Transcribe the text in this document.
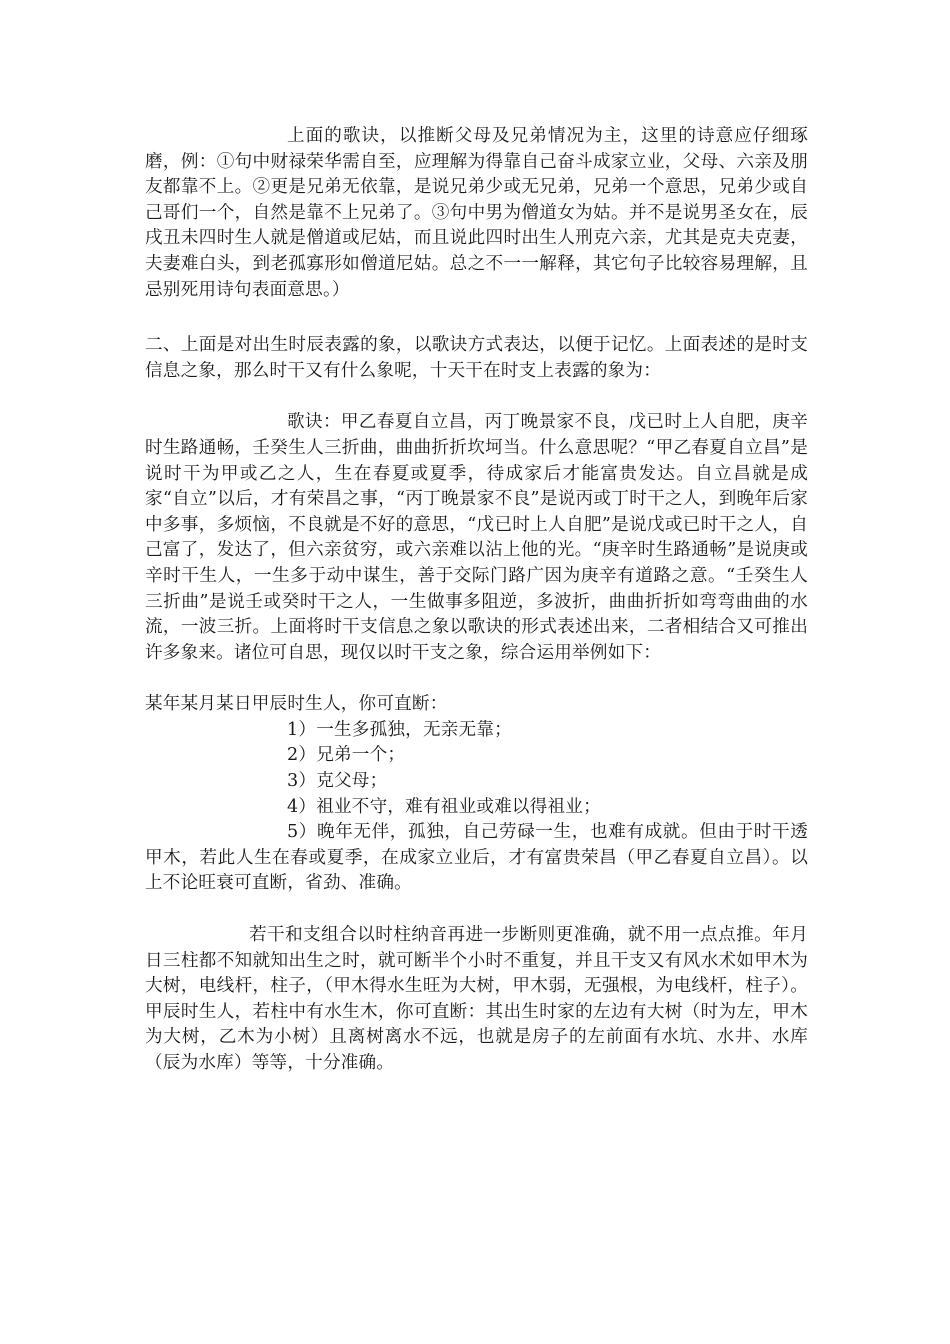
上面的歌诀，以推断父母及兄弟情况为主，这里的诗意应仔细琢磨，例：①句中财禄荣华需自至，应理解为得靠自己奋斗成家立业，父母、六亲及朋友都靠不上。②更是兄弟无依靠，是说兄弟少或无兄弟，兄弟一个意思，兄弟少或自己哥们一个，自然是靠不上兄弟了。③句中男为僧道女为姑。并不是说男圣女在，辰戌丑未四时生人就是僧道或尼姑，而且说此四时出生人刑克六亲，尤其是克夫克妻，夫妻难白头，到老孤寡形如僧道尼姑。总之不一一解释，其它句子比较容易理解，且忌别死用诗句表面意思。）

二、上面是对出生时辰表露的象，以歌诀方式表达，以便于记忆。上面表述的是时支信息之象，那么时干又有什么象呢，十天干在时支上表露的象为：

歌诀：甲乙春夏自立昌，丙丁晚景家不良，戊已时上人自肥，庚辛时生路通畅，壬癸生人三折曲，曲曲折折坎坷当。什么意思呢？“甲乙春夏自立昌”是说时干为甲或乙之人，生在春夏或夏季，待成家后才能富贵发达。自立昌就是成家“自立”以后，才有荣昌之事，“丙丁晚景家不良”是说丙或丁时干之人，到晚年后家中多事，多烦恼，不良就是不好的意思，“戊已时上人自肥”是说戊或已时干之人，自己富了，发达了，但六亲贫穷，或六亲难以沾上他的光。“庚辛时生路通畅”是说庚或辛时干生人，一生多于动中谋生，善于交际门路广因为庚辛有道路之意。“壬癸生人三折曲”是说壬或癸时干之人，一生做事多阻逆，多波折，曲曲折折如弯弯曲曲的水流，一波三折。上面将时干支信息之象以歌诀的形式表述出来，二者相结合又可推出许多象来。诸位可自思，现仅以时干支之象，综合运用举例如下：

某年某月某日甲辰时生人，你可直断：

1）一生多孤独，无亲无靠；

2）兄弟一个；

3）克父母；

4）祖业不守，难有祖业或难以得祖业；

5）晚年无伴，孤独，自己劳碌一生，也难有成就。但由于时干透甲木，若此人生在春或夏季，在成家立业后，才有富贵荣昌（甲乙春夏自立昌）。以上不论旺衰可直断，省劲、准确。

若干和支组合以时柱纳音再进一步断则更准确，就不用一点点推。年月日三柱都不知就知出生之时，就可断半个小时不重复，并且干支又有风水术如甲木为大树，电线杆，柱子，（甲木得水生旺为大树，甲木弱，无强根，为电线杆，柱子）。甲辰时生人，若柱中有水生木，你可直断：其出生时家的左边有大树（时为左，甲木为大树，乙木为小树）且离树离水不远，也就是房子的左前面有水坑、水井、水库（辰为水库）等等，十分准确。
